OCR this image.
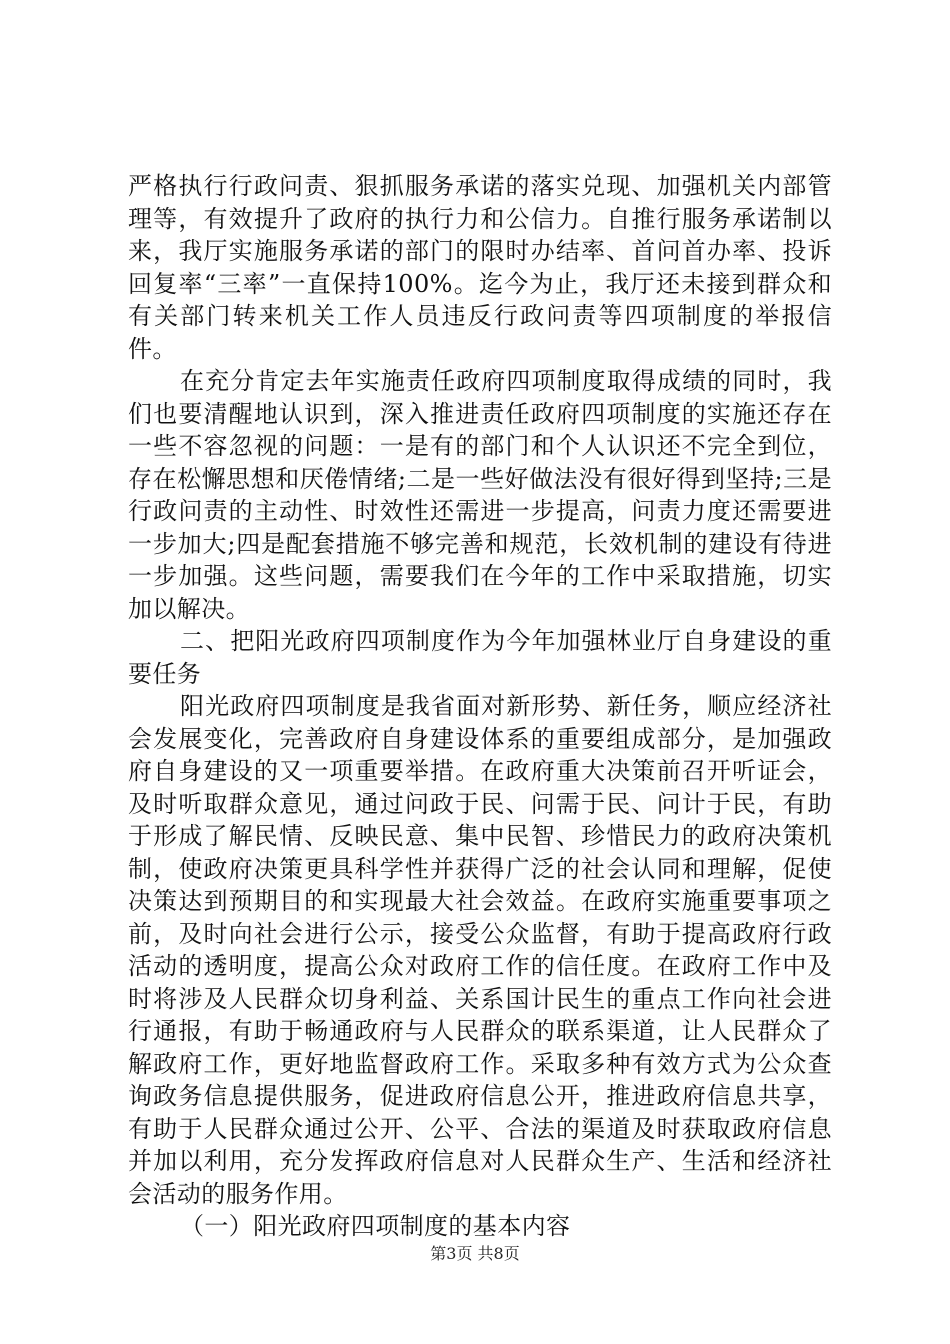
严格执行行政问责、狠抓服务承诺的落实兑现、加强机关内部管理等，有效提升了政府的执行力和公信力。自推行服务承诺制以来，我厅实施服务承诺的部门的限时办结率、首问首办率、投诉回复率“三率”一直保持100%。迄今为止，我厅还未接到群众和有关部门转来机关工作人员违反行政问责等四项制度的举报信件。

在充分肯定去年实施责任政府四项制度取得成绩的同时，我们也要清醒地认识到，深入推进责任政府四项制度的实施还存在一些不容忽视的问题：一是有的部门和个人认识还不完全到位，存在松懈思想和厌倦情绪;二是一些好做法没有很好得到坚持;三是行政问责的主动性、时效性还需进一步提高，问责力度还需要进一步加大;四是配套措施不够完善和规范，长效机制的建设有待进一步加强。这些问题，需要我们在今年的工作中采取措施，切实加以解决。

二、把阳光政府四项制度作为今年加强林业厅自身建设的重要任务

阳光政府四项制度是我省面对新形势、新任务，顺应经济社会发展变化，完善政府自身建设体系的重要组成部分，是加强政府自身建设的又一项重要举措。在政府重大决策前召开听证会，及时听取群众意见，通过问政于民、问需于民、问计于民，有助于形成了解民情、反映民意、集中民智、珍惜民力的政府决策机制，使政府决策更具科学性并获得广泛的社会认同和理解，促使决策达到预期目的和实现最大社会效益。在政府实施重要事项之前，及时向社会进行公示，接受公众监督，有助于提高政府行政活动的透明度，提高公众对政府工作的信任度。在政府工作中及时将涉及人民群众切身利益、关系国计民生的重点工作向社会进行通报，有助于畅通政府与人民群众的联系渠道，让人民群众了解政府工作，更好地监督政府工作。采取多种有效方式为公众查询政务信息提供服务，促进政府信息公开，推进政府信息共享，有助于人民群众通过公开、公平、合法的渠道及时获取政府信息并加以利用，充分发挥政府信息对人民群众生产、生活和经济社会活动的服务作用。

（一）阳光政府四项制度的基本内容

第3页 共8页
